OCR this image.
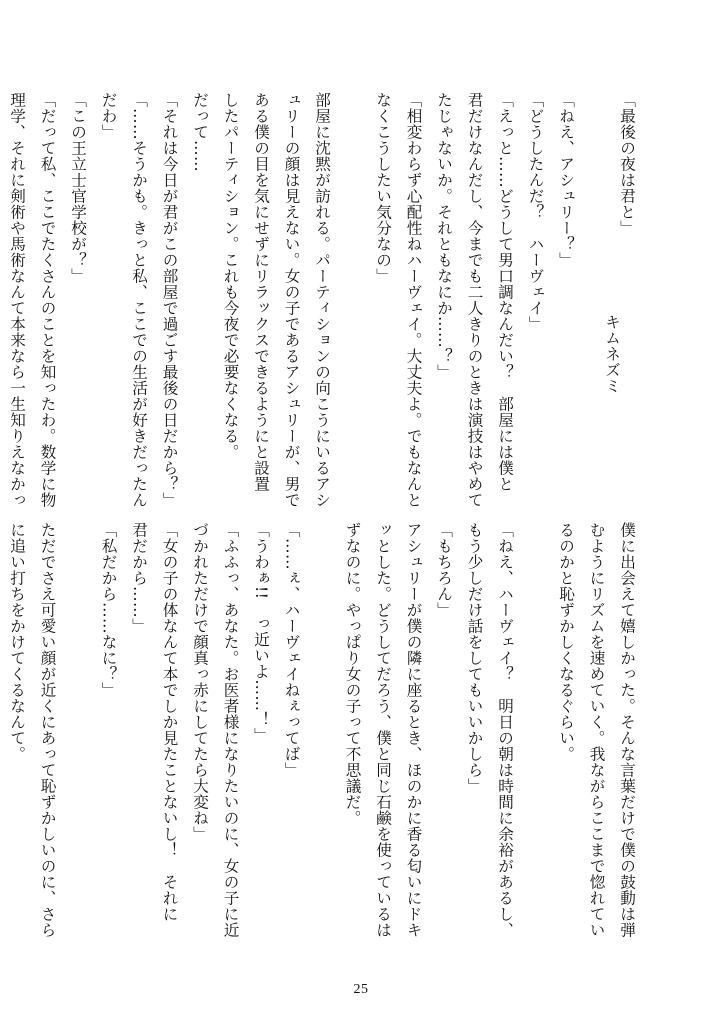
「最後の夜は君と」

「ねえ、アシュリー？」
「どうしたんだ？　ハーヴェイ」
「えっと……どうして男口調なんだい？　部屋には僕と
君だけなんだし、今までも二人きりのときは演技はやめて
たじゃないか。それともなにか……？」
「相変わらず心配性ねハーヴェイ。大丈夫よ。でもなんと
なくこうしたい気分なの」

部屋に沈黙が訪れる。パーティションの向こうにいるアシ
ュリーの顔は見えない。女の子であるアシュリーが、男で
ある僕の目を気にせずにリラックスできるようにと設置
したパーティション。これも今夜で必要なくなる。
だって……
「それは今日が君がこの部屋で過ごす最後の日だから？」
「……そうかも。きっと私、ここでの生活が好きだったん
だわ」
「この王立士官学校が？」
「だって私、ここでたくさんのことを知ったわ。数学に物
理学、それに剣術や馬術なんて本来なら一生知りえなかっ	キムネズミ
僕に出会えて嬉しかった。そんな言葉だけで僕の鼓動は弾
むようにリズムを速めていく。我ながらここまで惚れてい
るのかと恥ずかしくなるぐらい。

「ねえ、ハーヴェイ？　明日の朝は時間に余裕があるし、
もう少しだけ話をしてもいいかしら」
「もちろん」
アシュリーが僕の隣に座るとき、ほのかに香る匂いにドキ
ッとした。どうしてだろう、僕と同じ石鹸を使っているは
ずなのに。やっぱり女の子って不思議だ。

「……ぇ、ハーヴェイねぇってば」
「うわぁ!!　っ近いよ……！」
「ふふっ、あなた。お医者様になりたいのに、女の子に近
づかれただけで顔真っ赤にしてたら大変ね」
「女の子の体なんて本でしか見たことないし！　それに
君だから……」
「私だから……なに？」

ただでさえ可愛い顔が近くにあって恥ずかしいのに、さら
に追い打ちをかけてくるなんて。
25
